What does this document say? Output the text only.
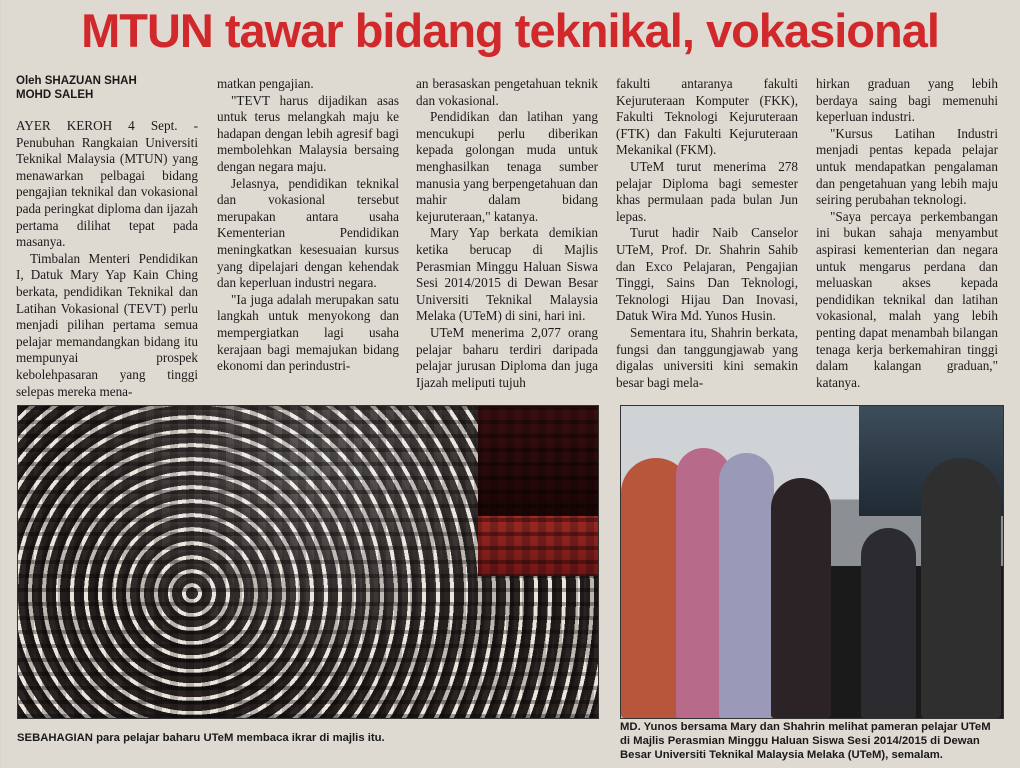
MTUN tawar bidang teknikal, vokasional
Oleh SHAZUAN SHAH
MOHD SALEH

AYER KEROH 4 Sept. - Penubuhan Rangkaian Universiti Teknikal Malaysia (MTUN) yang menawarkan pelbagai bidang pengajian teknikal dan vokasional pada peringkat diploma dan ijazah pertama dilihat tepat pada masanya.

Timbalan Menteri Pendidikan I, Datuk Mary Yap Kain Ching berkata, pendidikan Teknikal dan Latihan Vokasional (TEVT) perlu menjadi pilihan pertama semua pelajar memandangkan bidang itu mempunyai prospek kebolehpasaran yang tinggi selepas mereka mena-

matkan pengajian.

"TEVT harus dijadikan asas untuk terus melangkah maju ke hadapan dengan lebih agresif bagi membolehkan Malaysia bersaing dengan negara maju.

Jelasnya, pendidikan teknikal dan vokasional tersebut merupakan antara usaha Kementerian Pendidikan meningkatkan kesesuaian kursus yang dipelajari dengan kehendak dan keperluan industri negara.

"Ia juga adalah merupakan satu langkah untuk menyokong dan mempergiatkan lagi usaha kerajaan bagi memajukan bidang ekonomi dan perindustri-

an berasaskan pengetahuan teknik dan vokasional.

Pendidikan dan latihan yang mencukupi perlu diberikan kepada golongan muda untuk menghasilkan tenaga sumber manusia yang berpengetahuan dan mahir dalam bidang kejuruteraan," katanya.

Mary Yap berkata demikian ketika berucap di Majlis Perasmian Minggu Haluan Siswa Sesi 2014/2015 di Dewan Besar Universiti Teknikal Malaysia Melaka (UTeM) di sini, hari ini.

UTeM menerima 2,077 orang pelajar baharu terdiri daripada pelajar jurusan Diploma dan juga Ijazah meliputi tujuh

fakulti antaranya fakulti Kejuruteraan Komputer (FKK), Fakulti Teknologi Kejuruteraan (FTK) dan Fakulti Kejuruteraan Mekanikal (FKM).

UTeM turut menerima 278 pelajar Diploma bagi semester khas permulaan pada bulan Jun lepas.

Turut hadir Naib Canselor UTeM, Prof. Dr. Shahrin Sahib dan Exco Pelajaran, Pengajian Tinggi, Sains Dan Teknologi, Teknologi Hijau Dan Inovasi, Datuk Wira Md. Yunos Husin.

Sementara itu, Shahrin berkata, fungsi dan tanggungjawab yang digalas universiti kini semakin besar bagi mela-

hirkan graduan yang lebih berdaya saing bagi memenuhi keperluan industri.

"Kursus Latihan Industri menjadi pentas kepada pelajar untuk mendapatkan pengalaman dan pengetahuan yang lebih maju seiring perubahan teknologi.

"Saya percaya perkembangan ini bukan sahaja menyambut aspirasi kementerian dan negara untuk mengarus perdana dan meluaskan akses kepada pendidikan teknikal dan latihan vokasional, malah yang lebih penting dapat menambah bilangan tenaga kerja berkemahiran tinggi dalam kalangan graduan," katanya.

SEBAHAGIAN para pelajar baharu UTeM membaca ikrar di majlis itu.
MD. Yunos bersama Mary dan Shahrin melihat pameran pelajar UTeM di Majlis Perasmian Minggu Haluan Siswa Sesi 2014/2015 di Dewan Besar Universiti Teknikal Malaysia Melaka (UTeM), semalam.
